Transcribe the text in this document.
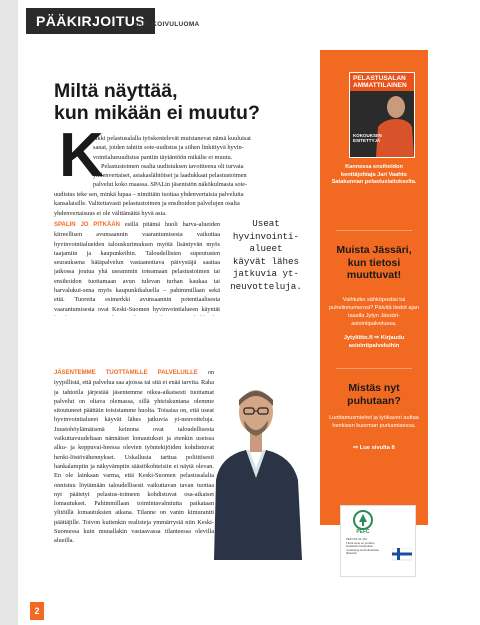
PÄÄKIRJOITUS
JARI KOIVULUOMA
Miltä näyttää,
kun mikään ei muutu?
K
aikki pelastusalalla työskentelevät muistanevat nämä kuuluisat
sanat, joiden tahtiin sote-uudistus ja siihen linkittyvä hyvin-
vointialueuudistus pantiin täytäntöön mikälie ei muutu.
Pelastustoimen osalta uudistuksen tavoitteena oli turvata
yhdenvertaiset, asiakaslähtöiset ja laadukkaat pelastustoimen
palvelut koko maassa. SPALin jäsenistön näkökulmasta sote-
uudistus teke sen, minkä lupaa – nimittäin tuottaa yhdenvertaisia palveluita
kansalaisille. Valitettavasti pelastustoimen ja ensihoidon palvelujen osalta
yhdenvertaisuus ei ole välttämättä hyvä asia.
SPALIN JO PITKÄÄN esillä pitämä huoli harva-alueiden kiireellisen avunsaannin vaarantumisesta vaikuttaa hyvinvointialueiden talouskurimuksen myötä lisäntyvän myös taajamiin ja kaupunkeihin. Taloudellisten supeutusten seurauksena hätäpalvelun vastaanottava päivystäjä saattaa jatkossa joutua yhä useammin toteamaan pelastustoimen tai ensihoidon tuottamaan avun tulevan turhan kaukaa tai harvalukui-sena myös kaupunkikaluella – pahimmillaan sekä että. Tuoreita esimerkki avunsaannin potentiaalisesta vaarantumisesta ovat Keski-Suomen hyvinvointialueen käyntät
Useat
hyvinvointi-
alueet
käyvät lähes
jatkuvia yt-
neuvotteluja.
JÄSENTEMME TUOTTAMILLE PALVELUILLE on tyypillistä, että palvelua saa ajoissa tai sitä ei enää tarvita. Raha ja tahtotila järjestää jäsentemme oikea-aikaisesti tuottamat palvelut on oltava olemassa, sillä yhteiskuntana olemme sitoutuneet päättäin toisistamme huolta. Toisaisa on, että useat hyvinvointialueet käyvät lähes jatkuvia yt-neuvotteluja. Juustohöylämäisenä keinona ovat taloudellisesta vaikuttavuudeltaan nännäiset lomautukset ja etenkin useissa alku- ja keppuvai-heessa olevien työntekijöiden kohdistuvat henki-löstövähennykset. Uskallusta tarttua poliittisesti hankalampiin ja näkyvämpiin säästökohteisiin ei näytä olevan. En ole lainkaan varma, että Keski-Suomen pelastusalalta onnistuu löytämään taloudellisesti vaikuttavan tavan tuottaa nyt päätetyt pelastus-toimeen kohdistuvat osa-aikaiset lomautukset. Pahimmillaan toimintavalmiutta paikataan ylitöillä lomautuksien aikana. Tilanne on vanin kimurantti päättäjille. Toivon kuitenkin realisteja ymmärrystä niin Keski-Suomessa kuin muuallakin vastaavassa tilanteessa olevilla alueilla.
PELASTUSALAN AMMATTILAINEN
KOKOUKSIIN ESITETTYJÄ
Kannessa ensihoidon kenttäjohtaja Jari Vaahto Satakunnan pelastuslaitokselta.
Muista Jässäri, kun tietosi muuttuvat!
Vaihtuiko sähköpostisi tai puhelinnumerosi? Päivitä tiedot ajan tasalla Jytyn Jässäri-asiointipalvelussa.
Jytyliitto.fi ⇨ Kirjaudu asiointipalveluihin
Mistäs nyt puhutaan?
Luottamusmiehet ja työkaveri auttaa henkisen kuorman purkamisessa.
⇨ Lue sivulta 8
PEFC
PEFC/02-31-151
Tämä tuote on peräisin kestävästi hoidetuista metsistä ja kontrolloiduista lähteistä
2
